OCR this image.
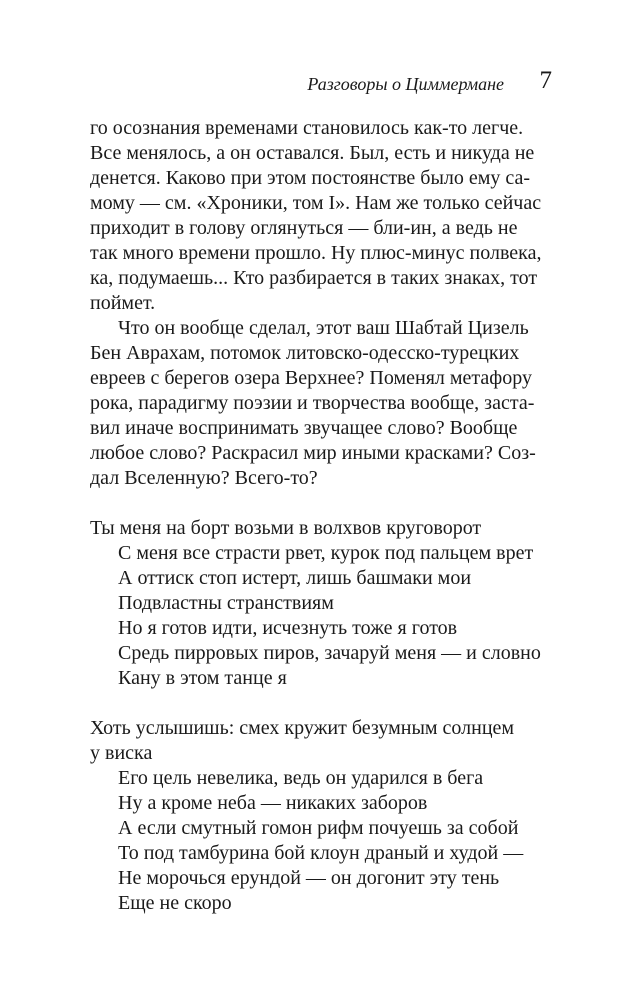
Разговоры о Циммермане 7
го осознания временами становилось как-то легче.
Все менялось, а он оставался. Был, есть и никуда не
денется. Каково при этом постоянстве было ему са-
мому — см. «Хроники, том I». Нам же только сейчас
приходит в голову оглянуться — бли-ин, а ведь не
так много времени прошло. Ну плюс-минус полвека,
ка, подумаешь... Кто разбирается в таких знаках, тот
поймет.
Что он вообще сделал, этот ваш Шабтай Цизель
Бен Аврахам, потомок литовско-одесско-турецких
евреев с берегов озера Верхнее? Поменял метафору
рока, парадигму поэзии и творчества вообще, заста-
вил иначе воспринимать звучащее слово? Вообще
любое слово? Раскрасил мир иными красками? Соз-
дал Вселенную? Всего-то?
Ты меня на борт возьми в волхвов круговорот
С меня все страсти рвет, курок под пальцем врет
А оттиск стоп истерт, лишь башмаки мои
Подвластны странствиям
Но я готов идти, исчезнуть тоже я готов
Средь пирровых пиров, зачаруй меня — и словно
Кану в этом танце я
Хоть услышишь: смех кружит безумным солнцем
у виска
Его цель невелика, ведь он ударился в бега
Ну а кроме неба — никаких заборов
А если смутный гомон рифм почуешь за собой
То под тамбурина бой клоун драный и худой —
Не морочься ерундой — он догонит эту тень
Еще не скоро
